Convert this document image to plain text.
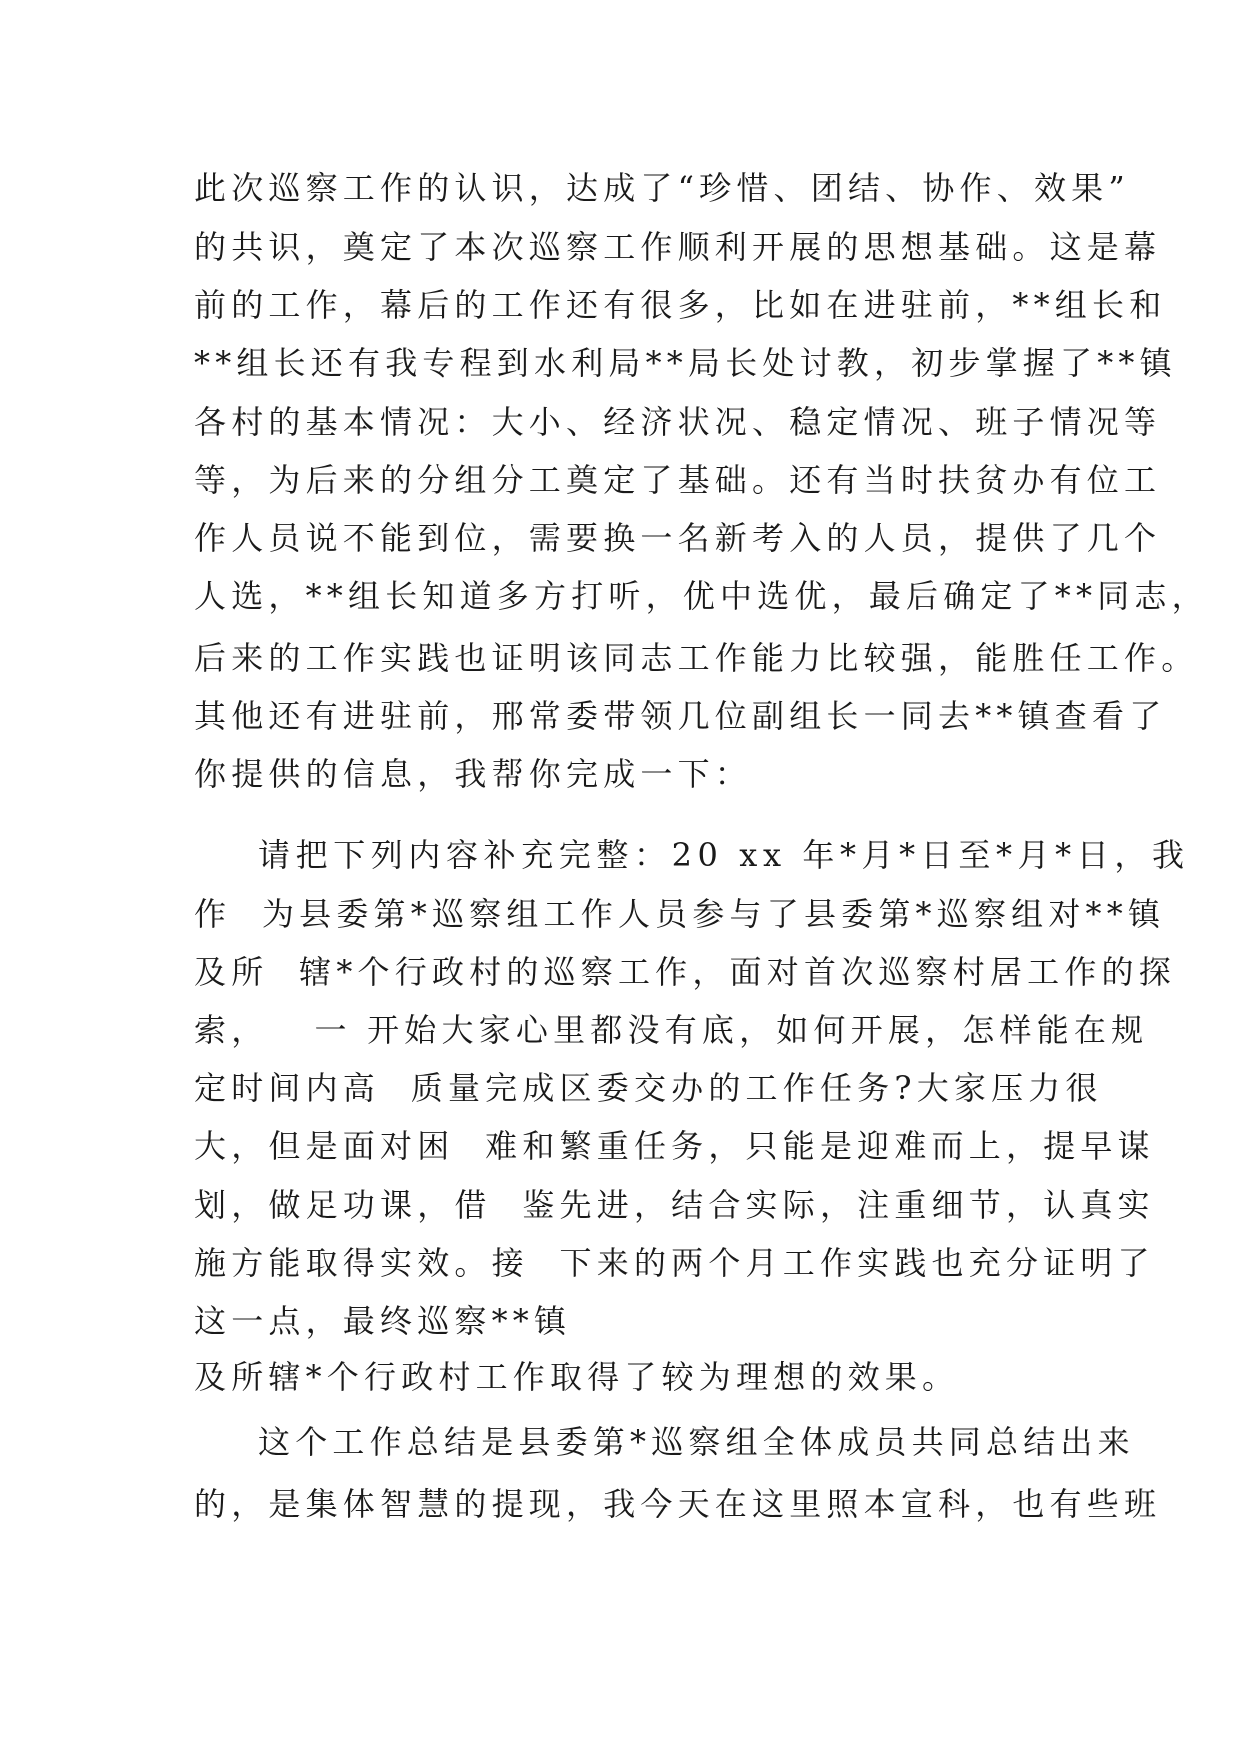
此次巡察工作的认识，达成了“珍惜、团结、协作、效果”
的共识，奠定了本次巡察工作顺利开展的思想基础。这是幕
前的工作，幕后的工作还有很多，比如在进驻前，**组长和
**组长还有我专程到水利局**局长处讨教，初步掌握了**镇
各村的基本情况：大小、经济状况、稳定情况、班子情况等
等，为后来的分组分工奠定了基础。还有当时扶贫办有位工
作人员说不能到位，需要换一名新考入的人员，提供了几个
人选，**组长知道多方打听，优中选优，最后确定了**同志，
后来的工作实践也证明该同志工作能力比较强，能胜任工作。
其他还有进驻前，邢常委带领几位副组长一同去**镇查看了
你提供的信息，我帮你完成一下：
请把下列内容补充完整：20 xx 年*月*日至*月*日，我
作  为县委第*巡察组工作人员参与了县委第*巡察组对**镇
及所  辖*个行政村的巡察工作，面对首次巡察村居工作的探
索，   一 开始大家心里都没有底，如何开展，怎样能在规
定时间内高  质量完成区委交办的工作任务?大家压力很
大，但是面对困  难和繁重任务，只能是迎难而上，提早谋
划，做足功课，借  鉴先进，结合实际，注重细节，认真实
施方能取得实效。接  下来的两个月工作实践也充分证明了
这一点，最终巡察**镇
及所辖*个行政村工作取得了较为理想的效果。
这个工作总结是县委第*巡察组全体成员共同总结出来
的，是集体智慧的提现，我今天在这里照本宣科，也有些班
